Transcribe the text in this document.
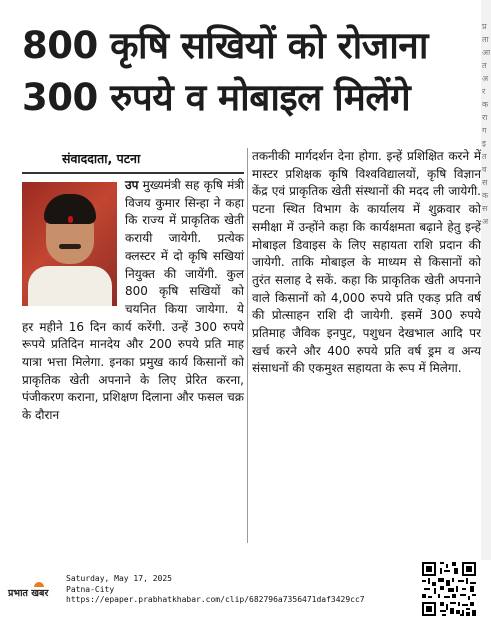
800 कृषि सखियों को रोजाना
300 रुपये व मोबाइल मिलेंगे
संवाददाता, पटना
उप मुख्यमंत्री सह कृषि मंत्री विजय कुमार सिन्हा ने कहा कि राज्य में प्राकृतिक खेती करायी जायेगी. प्रत्येक क्लस्टर में दो कृषि सखियां नियुक्त की जायेंगी. कुल 800 कृषि सखियों को चयनित किया जायेगा. ये हर महीने 16 दिन कार्य करेंगी. उन्हें 300 रुपये रूपये प्रतिदिन मानदेय और 200 रुपये प्रति माह यात्रा भत्ता मिलेगा. इनका प्रमुख कार्य किसानों को प्राकृतिक खेती अपनाने के लिए प्रेरित करना, पंजीकरण कराना, प्रशिक्षण दिलाना और फसल चक्र के दौरान
तकनीकी मार्गदर्शन देना होगा. इन्हें प्रशिक्षित करने में मास्टर प्रशिक्षक कृषि विश्वविद्यालयों, कृषि विज्ञान केंद्र एवं प्राकृतिक खेती संस्थानों की मदद ली जायेगी. पटना स्थित विभाग के कार्यालय में शुक्रवार को समीक्षा में उन्होंने कहा कि कार्यक्षमता बढ़ाने हेतु इन्हें मोबाइल डिवाइस के लिए सहायता राशि प्रदान की जायेगी. ताकि मोबाइल के माध्यम से किसानों को तुरंत सलाह दे सकें. कहा कि प्राकृतिक खेती अपनाने वाले किसानों को 4,000 रुपये प्रति एकड़ प्रति वर्ष की प्रोत्साहन राशि दी जायेगी. इसमें 300 रुपये प्रतिमाह जैविक इनपुट, पशुधन देखभाल आदि पर खर्च करने और 400 रुपये प्रति वर्ष ड्रम व अन्य संसाधनों की एकमुश्त सहायता के रूप में मिलेगा.
प्र ता आ त अ र क रा ग इ त व स क स अ
प्रभात खबर
Saturday, May 17, 2025
Patna-City
https://epaper.prabhatkhabar.com/clip/682796a7356471daf3429cc7
